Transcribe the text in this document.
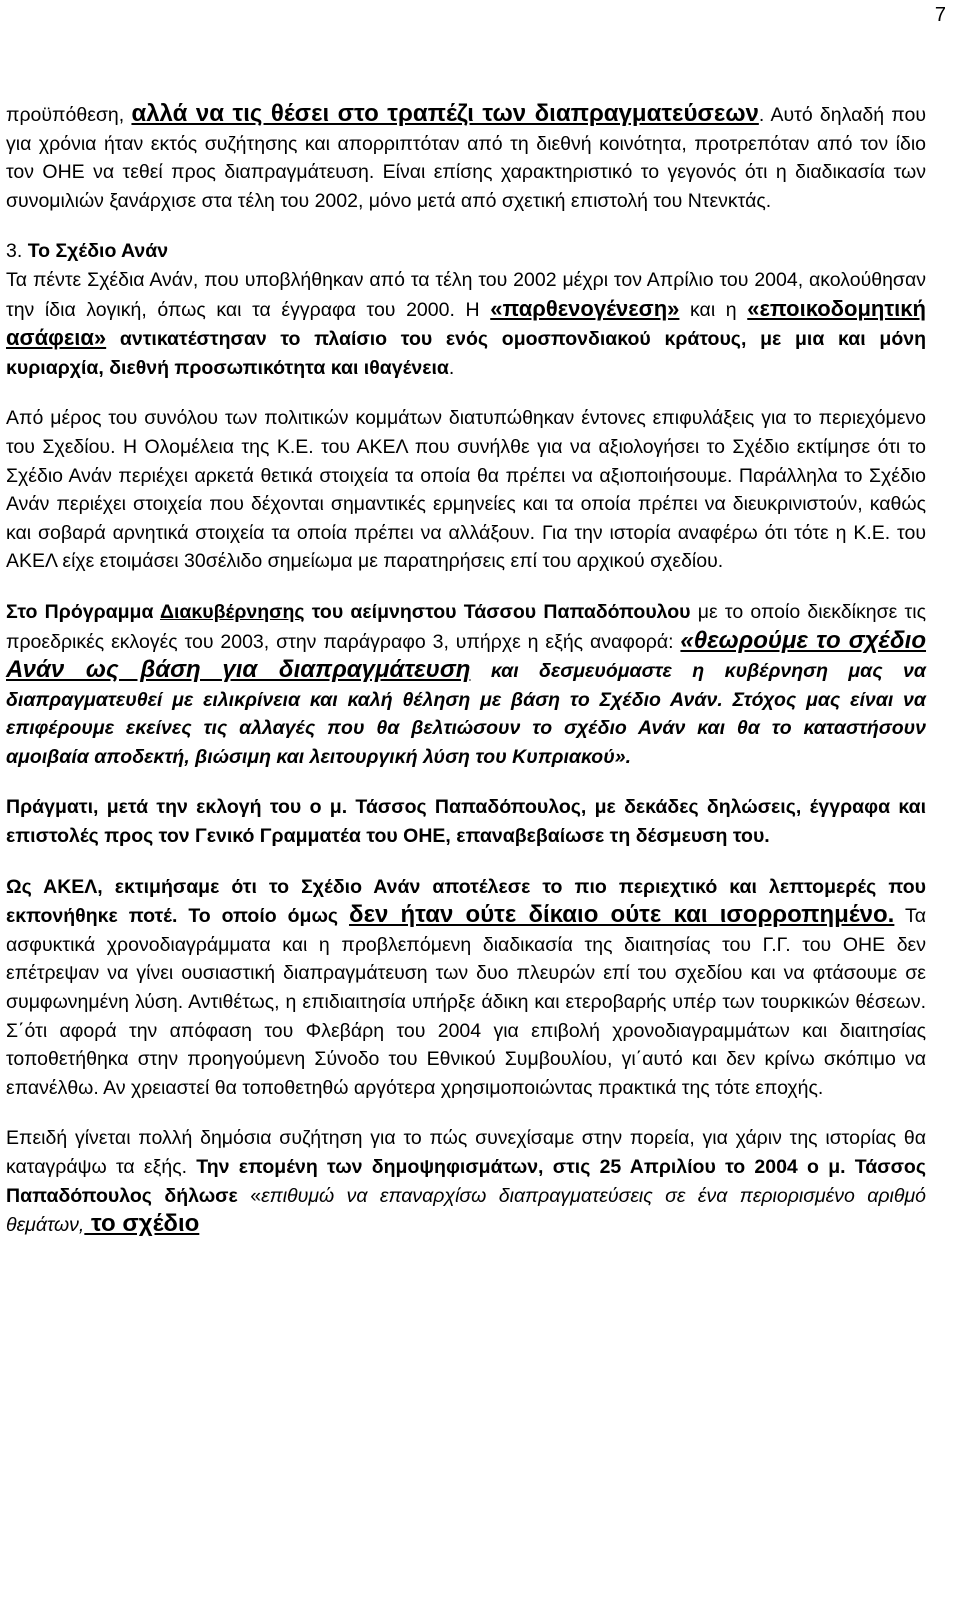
7

προϋπόθεση, αλλά να τις θέσει στο τραπέζι των διαπραγματεύσεων. Αυτό δηλαδή που για χρόνια ήταν εκτός συζήτησης και απορριπτόταν από τη διεθνή κοινότητα, προτρεπόταν από τον ίδιο τον ΟΗΕ να τεθεί προς διαπραγμάτευση. Είναι επίσης χαρακτηριστικό το γεγονός ότι η διαδικασία των συνομιλιών ξανάρχισε στα τέλη του 2002, μόνο μετά από σχετική επιστολή του Ντενκτάς.

3. Το Σχέδιο Ανάν
Τα πέντε Σχέδια Ανάν, που υποβλήθηκαν από τα τέλη του 2002 μέχρι τον Απρίλιο του 2004, ακολούθησαν την ίδια λογική, όπως και τα έγγραφα του 2000. Η «παρθενογένεση» και η «εποικοδομητική ασάφεια» αντικατέστησαν το πλαίσιο του ενός ομοσπονδιακού κράτους, με μια και μόνη κυριαρχία, διεθνή προσωπικότητα και ιθαγένεια.

Από μέρος του συνόλου των πολιτικών κομμάτων διατυπώθηκαν έντονες επιφυλάξεις για το περιεχόμενο του Σχεδίου. Η Ολομέλεια της Κ.Ε. του ΑΚΕΛ που συνήλθε για να αξιολογήσει το Σχέδιο εκτίμησε ότι το Σχέδιο Ανάν περιέχει αρκετά θετικά στοιχεία τα οποία θα πρέπει να αξιοποιήσουμε. Παράλληλα το Σχέδιο Ανάν περιέχει στοιχεία που δέχονται σημαντικές ερμηνείες και τα οποία πρέπει να διευκρινιστούν, καθώς και σοβαρά αρνητικά στοιχεία τα οποία πρέπει να αλλάξουν. Για την ιστορία αναφέρω ότι τότε η Κ.Ε. του ΑΚΕΛ είχε ετοιμάσει 30σέλιδο σημείωμα με παρατηρήσεις επί του αρχικού σχεδίου.

Στο Πρόγραμμα Διακυβέρνησης του αείμνηστου Τάσσου Παπαδόπουλου με το οποίο διεκδίκησε τις προεδρικές εκλογές του 2003, στην παράγραφο 3, υπήρχε η εξής αναφορά: «θεωρούμε το σχέδιο Ανάν ως βάση για διαπραγμάτευση και δεσμευόμαστε η κυβέρνηση μας να διαπραγματευθεί με ειλικρίνεια και καλή θέληση με βάση το Σχέδιο Ανάν. Στόχος μας είναι να επιφέρουμε εκείνες τις αλλαγές που θα βελτιώσουν το σχέδιο Ανάν και θα το καταστήσουν αμοιβαία αποδεκτή, βιώσιμη και λειτουργική λύση του Κυπριακού».

Πράγματι, μετά την εκλογή του ο μ. Τάσσος Παπαδόπουλος, με δεκάδες δηλώσεις, έγγραφα και επιστολές προς τον Γενικό Γραμματέα του ΟΗΕ, επαναβεβαίωσε τη δέσμευση του.

Ως ΑΚΕΛ, εκτιμήσαμε ότι το Σχέδιο Ανάν αποτέλεσε το πιο περιεχτικό και λεπτομερές που εκπονήθηκε ποτέ. Το οποίο όμως δεν ήταν ούτε δίκαιο ούτε και ισορροπημένο. Τα ασφυκτικά χρονοδιαγράμματα και η προβλεπόμενη διαδικασία της διαιτησίας του Γ.Γ. του ΟΗΕ δεν επέτρεψαν να γίνει ουσιαστική διαπραγμάτευση των δυο πλευρών επί του σχεδίου και να φτάσουμε σε συμφωνημένη λύση. Αντιθέτως, η επιδιαιτησία υπήρξε άδικη και ετεροβαρής υπέρ των τουρκικών θέσεων. Σ΄ότι αφορά την απόφαση του Φλεβάρη του 2004 για επιβολή χρονοδιαγραμμάτων και διαιτησίας τοποθετήθηκα στην προηγούμενη Σύνοδο του Εθνικού Συμβουλίου, γι΄αυτό και δεν κρίνω σκόπιμο να επανέλθω. Αν χρειαστεί θα τοποθετηθώ αργότερα χρησιμοποιώντας πρακτικά της τότε εποχής.

Επειδή γίνεται πολλή δημόσια συζήτηση για το πώς συνεχίσαμε στην πορεία, για χάριν της ιστορίας θα καταγράψω τα εξής. Την επομένη των δημοψηφισμάτων, στις 25 Απριλίου το 2004 ο μ. Τάσσος Παπαδόπουλος δήλωσε «επιθυμώ να επαναρχίσω διαπραγματεύσεις σε ένα περιορισμένο αριθμό θεμάτων, το σχέδιο
